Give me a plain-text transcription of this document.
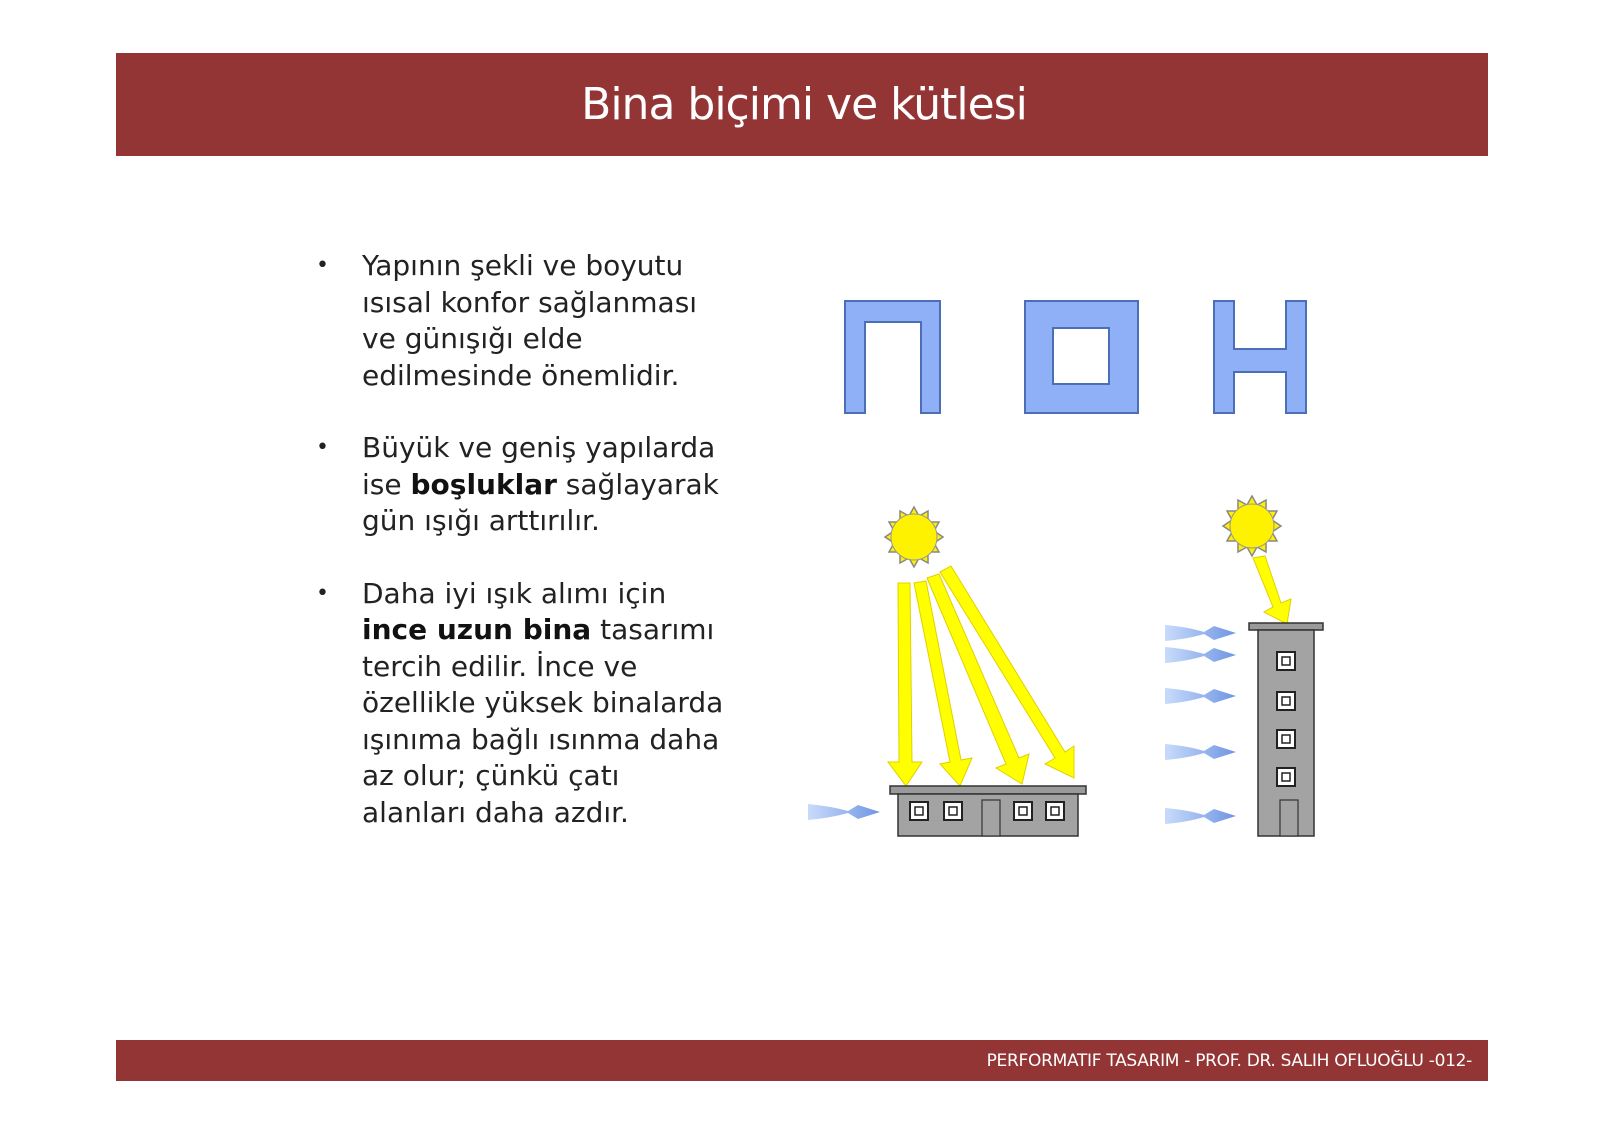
Bina biçimi ve kütlesi
• Yapının şekli ve boyutu ısısal konfor sağlanması ve günışığı elde edilmesinde önemlidir.
• Büyük ve geniş yapılarda ise boşluklar sağlayarak gün ışığı arttırılır.
• Daha iyi ışık alımı için ince uzun bina tasarımı tercih edilir. İnce ve özellikle yüksek binalarda ışınıma bağlı ısınma daha az olur; çünkü çatı alanları daha azdır.
PERFORMATIF TASARIM - PROF. DR. SALIH OFLUOĞLU -012-
